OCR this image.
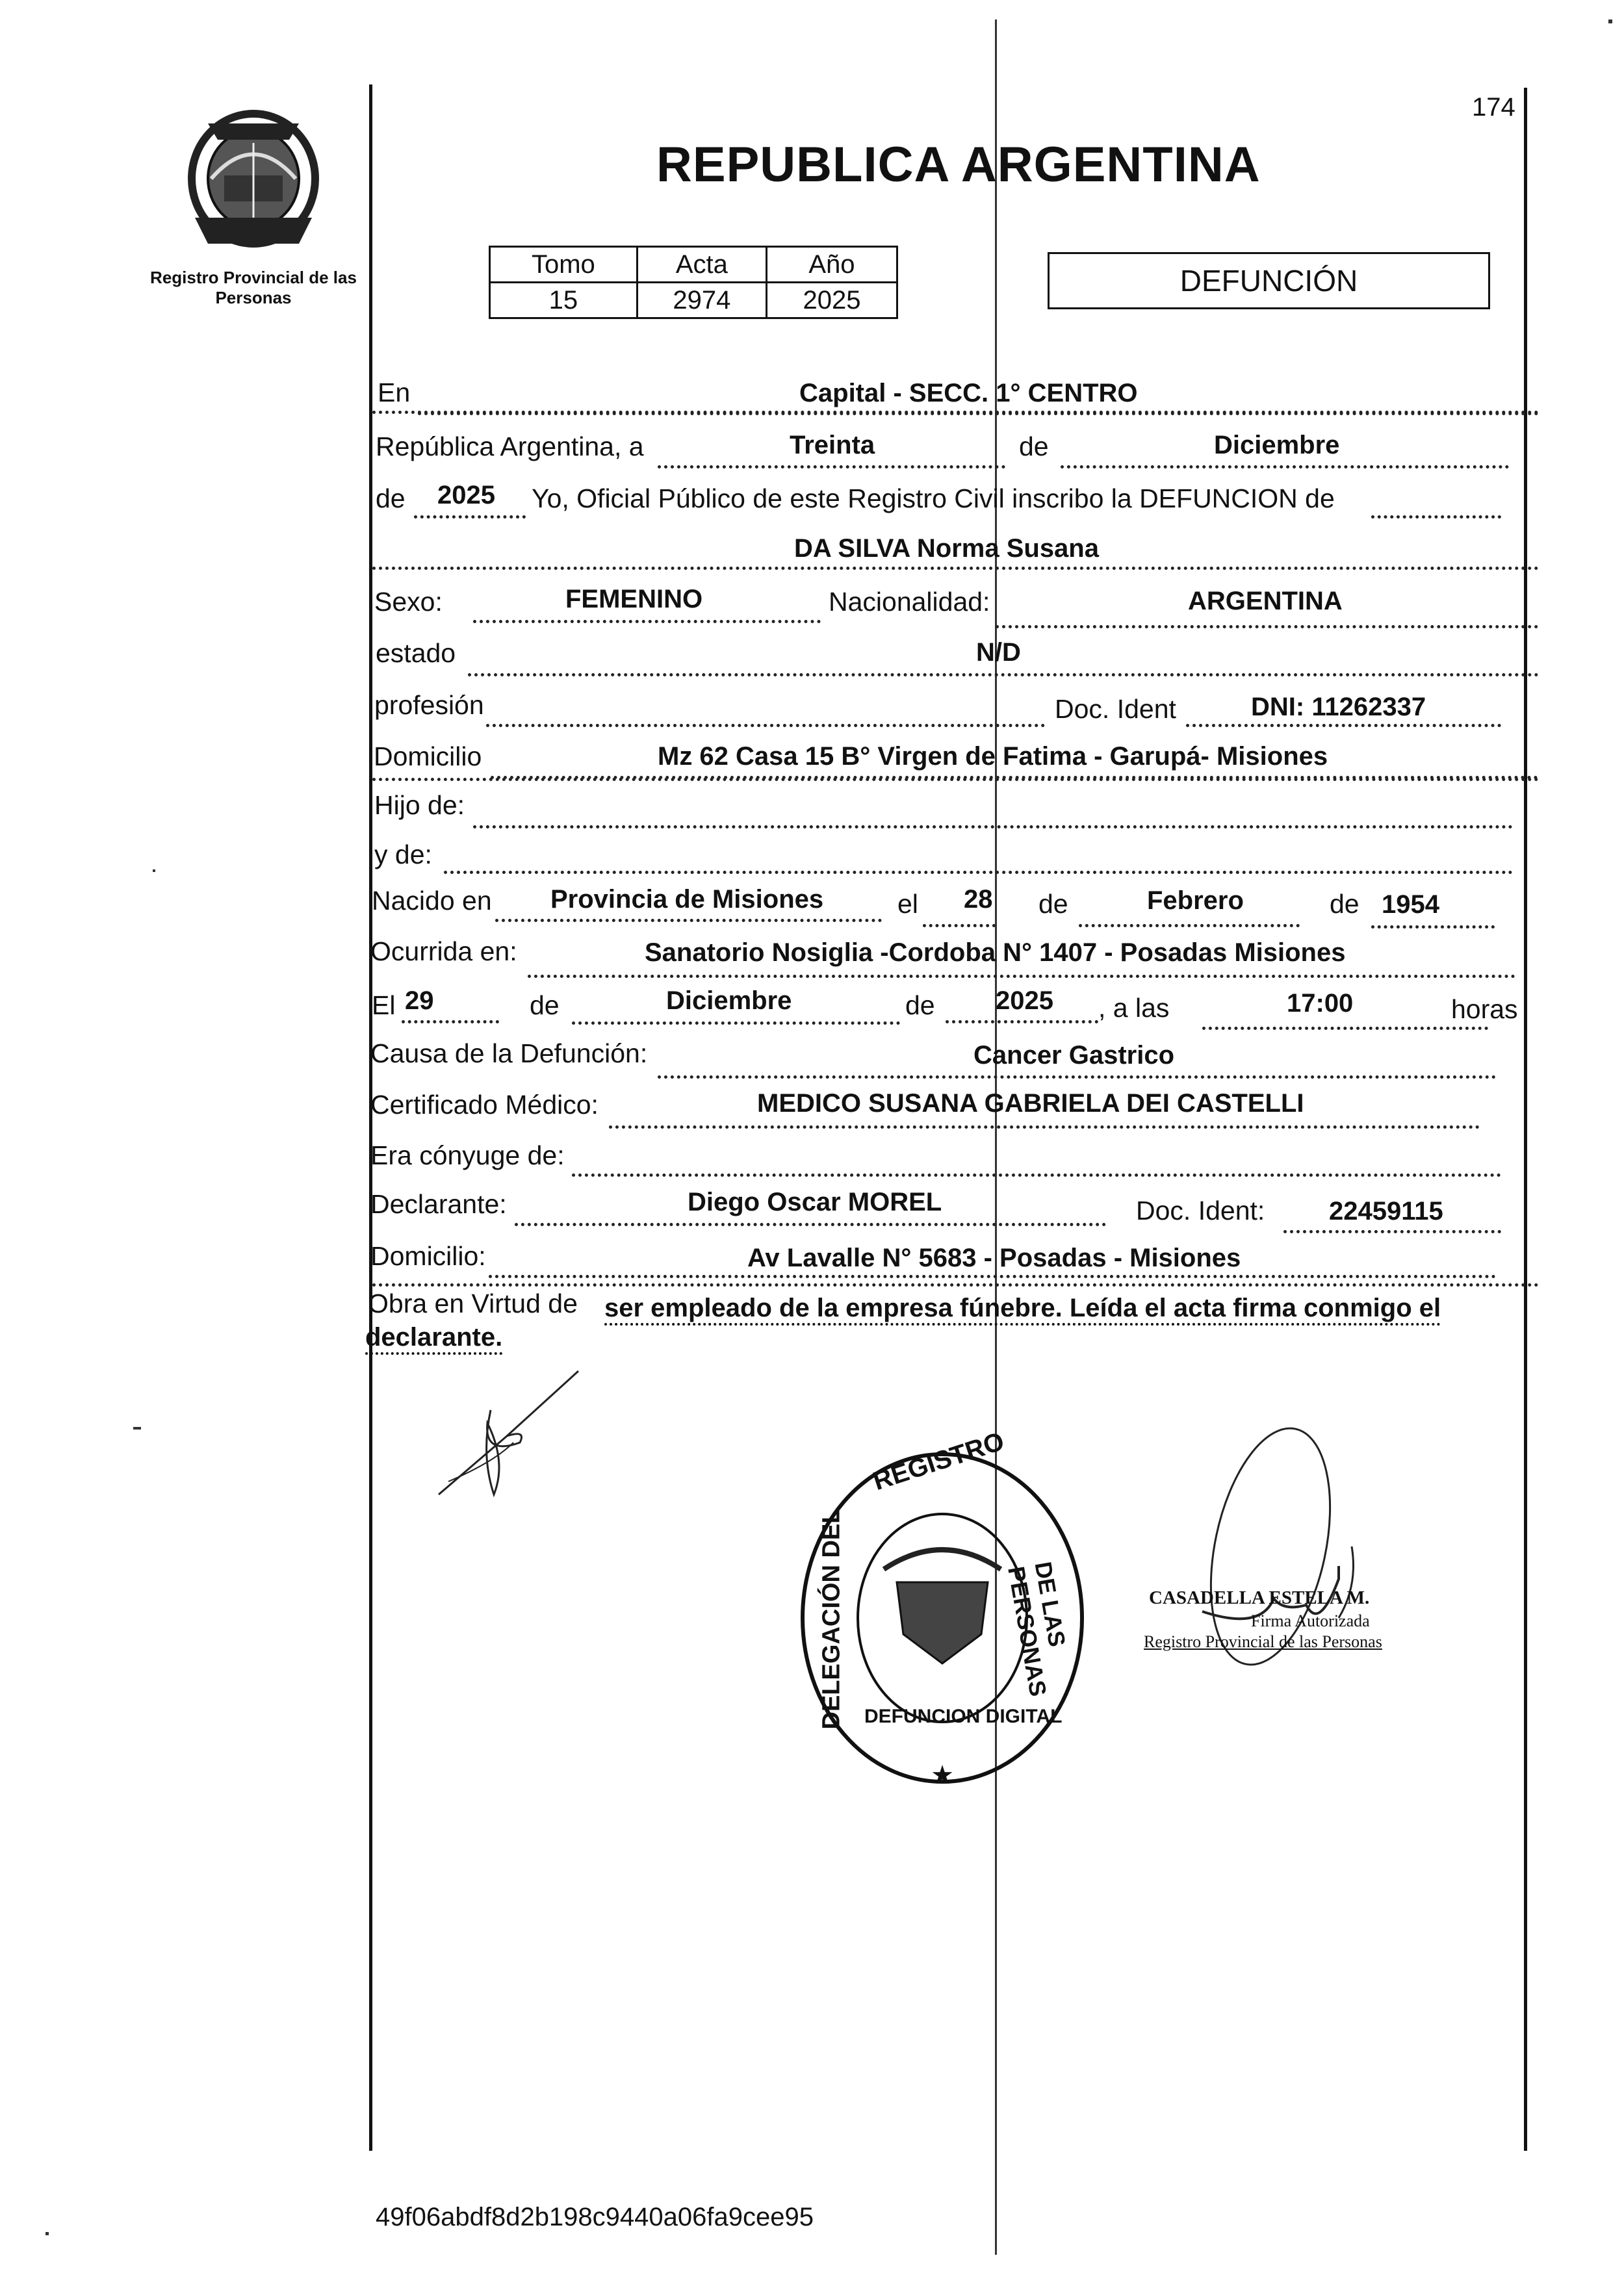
174
Registro Provincial de las Personas
REPUBLICA ARGENTINA
Tomo	Acta	Año
15	2974	2025
DEFUNCIÓN
En	Capital - SECC. 1° CENTRO
República Argentina, a	Treinta	de	Diciembre
de 2025 Yo, Oficial Público de este Registro Civil inscribo la DEFUNCION de
DA SILVA Norma Susana
Sexo:	FEMENINO	Nacionalidad:	ARGENTINA
estado	N/D
profesión	Doc. Ident	DNI: 11262337
Domicilio	Mz 62 Casa 15 B° Virgen de Fatima - Garupá- Misiones
Hijo de:
y de:
Nacido en Provincia de Misiones	el 28 de	Febrero	de 1954
Ocurrida en:	Sanatorio Nosiglia -Cordoba N° 1407 - Posadas Misiones
El 29	de	Diciembre	de 2025 , a las	17:00	horas
Causa de la Defunción:	Cancer Gastrico
Certificado Médico:	MEDICO SUSANA GABRIELA DEI CASTELLI
Era cónyuge de:
Declarante:	Diego Oscar MOREL	Doc. Ident: 22459115
Domicilio:	Av Lavalle N° 5683 - Posadas - Misiones
Obra en Virtud de ser empleado de la empresa fúnebre. Leída el acta firma conmigo el
declarante.
★
REGISTRO
DELEGACIÓN DEL	DE LAS PERSONAS
DEFUNCION DIGITAL
CASADELLA ESTELA M.
Firma Autorizada
Registro Provincial de las Personas
49f06abdf8d2b198c9440a06fa9cee95
